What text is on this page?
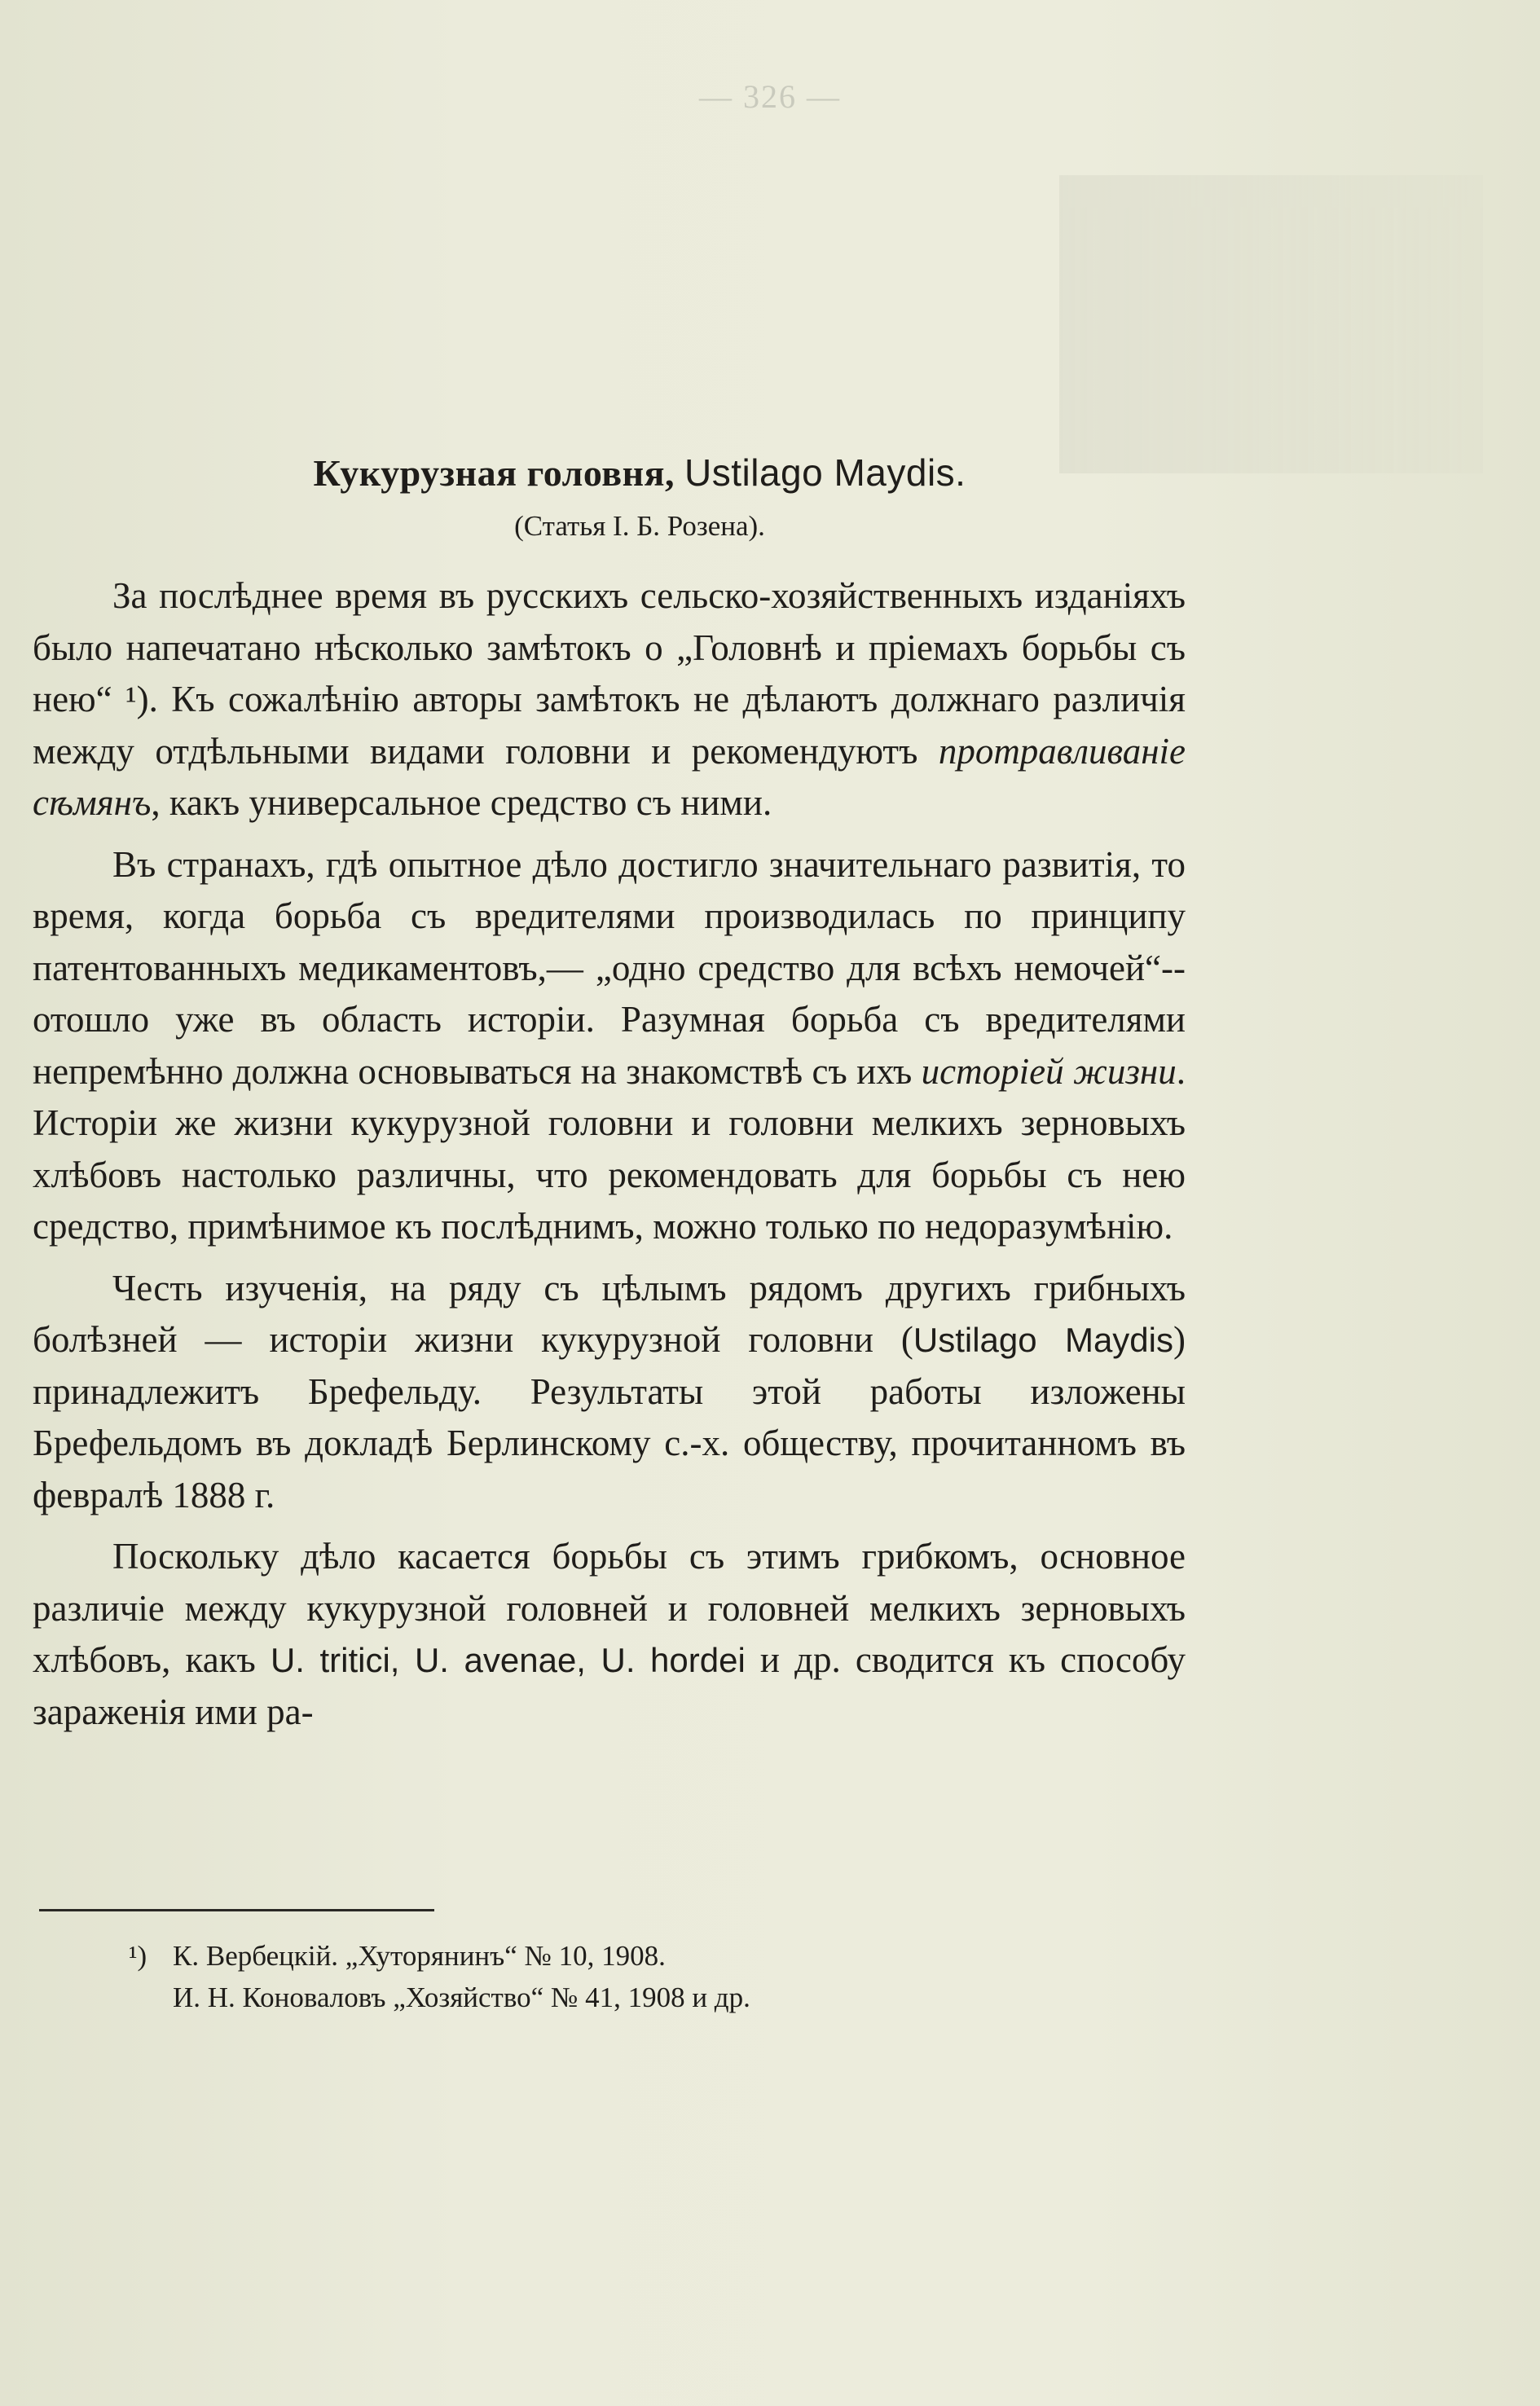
— 326 —
Кукурузная головня, Ustilago Maydis.
(Статья I. Б. Розена).

За послѣднее время въ русскихъ сельско-хозяйственныхъ изданіяхъ было напечатано нѣсколько замѣтокъ о „Головнѣ и пріемахъ борьбы съ нею“ ¹). Къ сожалѣнію авторы замѣтокъ не дѣлаютъ должнаго различія между отдѣльными видами головни и рекомендуютъ протравливаніе сѣмянъ, какъ универсальное средство съ ними.

Въ странахъ, гдѣ опытное дѣло достигло значительнаго развитія, то время, когда борьба съ вредителями производилась по принципу патентованныхъ медикаментовъ,— „одно средство для всѣхъ немочей“--отошло уже въ область исторіи. Разумная борьба съ вредителями непремѣнно должна основываться на знакомствѣ съ ихъ исторіей жизни. Исторіи же жизни кукурузной головни и головни мелкихъ зерновыхъ хлѣбовъ настолько различны, что рекомендовать для борьбы съ нею средство, примѣнимое къ послѣднимъ, можно только по недоразумѣнію.

Честь изученія, на ряду съ цѣлымъ рядомъ другихъ грибныхъ болѣзней — исторіи жизни кукурузной головни (Ustilago Maydis) принадлежитъ Брефельду. Результаты этой работы изложены Брефельдомъ въ докладѣ Берлинскому с.-х. обществу, прочитанномъ въ февралѣ 1888 г.

Поскольку дѣло касается борьбы съ этимъ грибкомъ, основное различіе между кукурузной головней и головней мелкихъ зерновыхъ хлѣбовъ, какъ U. tritici, U. avenae, U. hordei и др. сводится къ способу зараженія ими ра-

¹) К. Вербецкій. „Хуторянинъ“ № 10, 1908.
И. Н. Коноваловъ „Хозяйство“ № 41, 1908 и др.
